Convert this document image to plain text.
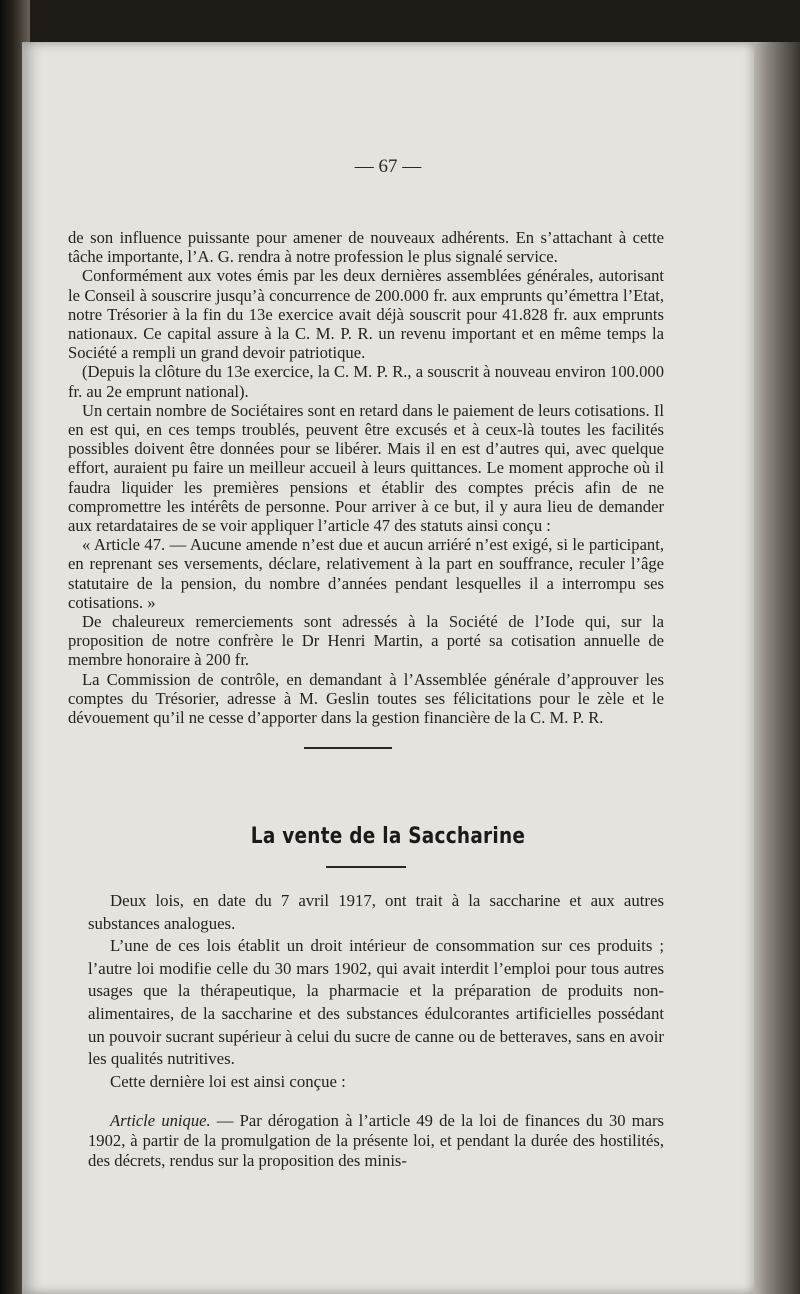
— 67 —

de son influence puissante pour amener de nouveaux adhérents. En s’attachant à cette tâche importante, l’A. G. rendra à notre profession le plus signalé service.

Conformément aux votes émis par les deux dernières assemblées générales, autorisant le Conseil à souscrire jusqu’à concurrence de 200.000 fr. aux emprunts qu’émettra l’Etat, notre Trésorier à la fin du 13e exercice avait déjà souscrit pour 41.828 fr. aux emprunts nationaux. Ce capital assure à la C. M. P. R. un revenu important et en même temps la Société a rempli un grand devoir patriotique.

(Depuis la clôture du 13e exercice, la C. M. P. R., a souscrit à nouveau environ 100.000 fr. au 2e emprunt national).

Un certain nombre de Sociétaires sont en retard dans le paiement de leurs cotisations. Il en est qui, en ces temps troublés, peuvent être excusés et à ceux-là toutes les facilités possibles doivent être données pour se libérer. Mais il en est d’autres qui, avec quelque effort, auraient pu faire un meilleur accueil à leurs quittances. Le moment approche où il faudra liquider les premières pensions et établir des comptes précis afin de ne compromettre les intérêts de personne. Pour arriver à ce but, il y aura lieu de demander aux retardataires de se voir appliquer l’article 47 des statuts ainsi conçu :

« Article 47. — Aucune amende n’est due et aucun arriéré n’est exigé, si le participant, en reprenant ses versements, déclare, relativement à la part en souffrance, reculer l’âge statutaire de la pension, du nombre d’années pendant lesquelles il a interrompu ses cotisations. »

De chaleureux remerciements sont adressés à la Société de l’Iode qui, sur la proposition de notre confrère le Dr Henri Martin, a porté sa cotisation annuelle de membre honoraire à 200 fr.

La Commission de contrôle, en demandant à l’Assemblée générale d’approuver les comptes du Trésorier, adresse à M. Geslin toutes ses félicitations pour le zèle et le dévouement qu’il ne cesse d’apporter dans la gestion financière de la C. M. P. R.

La vente de la Saccharine

Deux lois, en date du 7 avril 1917, ont trait à la saccharine et aux autres substances analogues.

L’une de ces lois établit un droit intérieur de consommation sur ces produits ; l’autre loi modifie celle du 30 mars 1902, qui avait interdit l’emploi pour tous autres usages que la thérapeutique, la pharmacie et la préparation de produits non-alimentaires, de la saccharine et des substances édulcorantes artificielles possédant un pouvoir sucrant supérieur à celui du sucre de canne ou de betteraves, sans en avoir les qualités nutritives.

Cette dernière loi est ainsi conçue :

Article unique. — Par dérogation à l’article 49 de la loi de finances du 30 mars 1902, à partir de la promulgation de la présente loi, et pendant la durée des hostilités, des décrets, rendus sur la proposition des minis-
